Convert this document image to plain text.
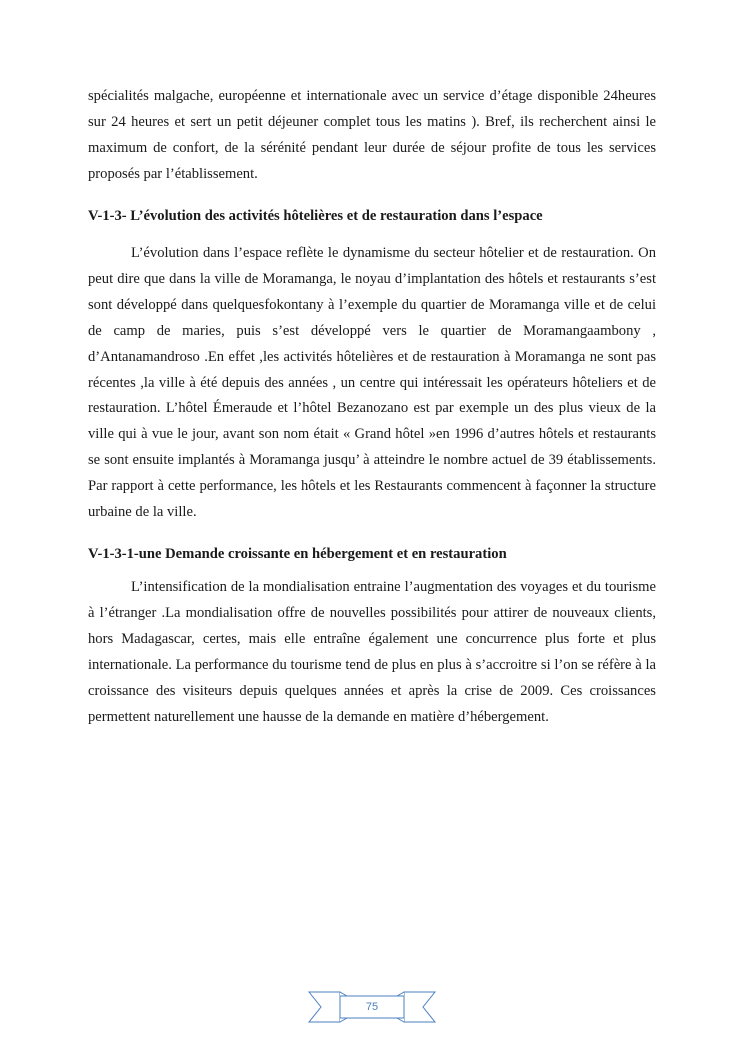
spécialités malgache, européenne et internationale avec un service d’étage disponible 24heures sur 24 heures et sert un petit déjeuner complet tous les matins ). Bref, ils recherchent ainsi le maximum de confort, de la sérénité pendant leur durée de séjour profite de tous les services proposés par l’établissement.

V-1-3- L’évolution des activités hôtelières et de restauration dans l’espace

L’évolution dans l’espace reflète le dynamisme du secteur hôtelier et de restauration. On peut dire que dans la ville de Moramanga, le noyau d’implantation des hôtels et restaurants s’est sont développé dans quelquesfokontany à l’exemple du quartier de Moramanga ville et de celui de camp de maries, puis s’est développé vers le quartier de Moramangaambony , d’Antanamandroso .En effet ,les activités hôtelières et de restauration à Moramanga ne sont pas récentes ,la ville à été depuis des années , un centre qui intéressait les opérateurs hôteliers et de restauration. L’hôtel Émeraude et l’hôtel Bezanozano est par exemple un des plus vieux de la ville qui à vue le jour, avant son nom était « Grand hôtel »en 1996 d’autres hôtels et restaurants se sont ensuite implantés à Moramanga jusqu’ à atteindre le nombre actuel de 39 établissements. Par rapport à cette performance, les hôtels et les Restaurants commencent à façonner la structure urbaine de la ville.

V-1-3-1-une Demande croissante en hébergement et en restauration

L’intensification de la mondialisation entraine l’augmentation des voyages et du tourisme à l’étranger .La mondialisation offre de nouvelles possibilités pour attirer de nouveaux clients, hors Madagascar, certes, mais elle entraîne également une concurrence plus forte et plus internationale. La performance du tourisme tend de plus en plus à s’accroitre si l’on se réfère à la croissance des visiteurs depuis quelques années et après la crise de 2009. Ces croissances permettent naturellement une hausse de la demande en matière d’hébergement.

75
